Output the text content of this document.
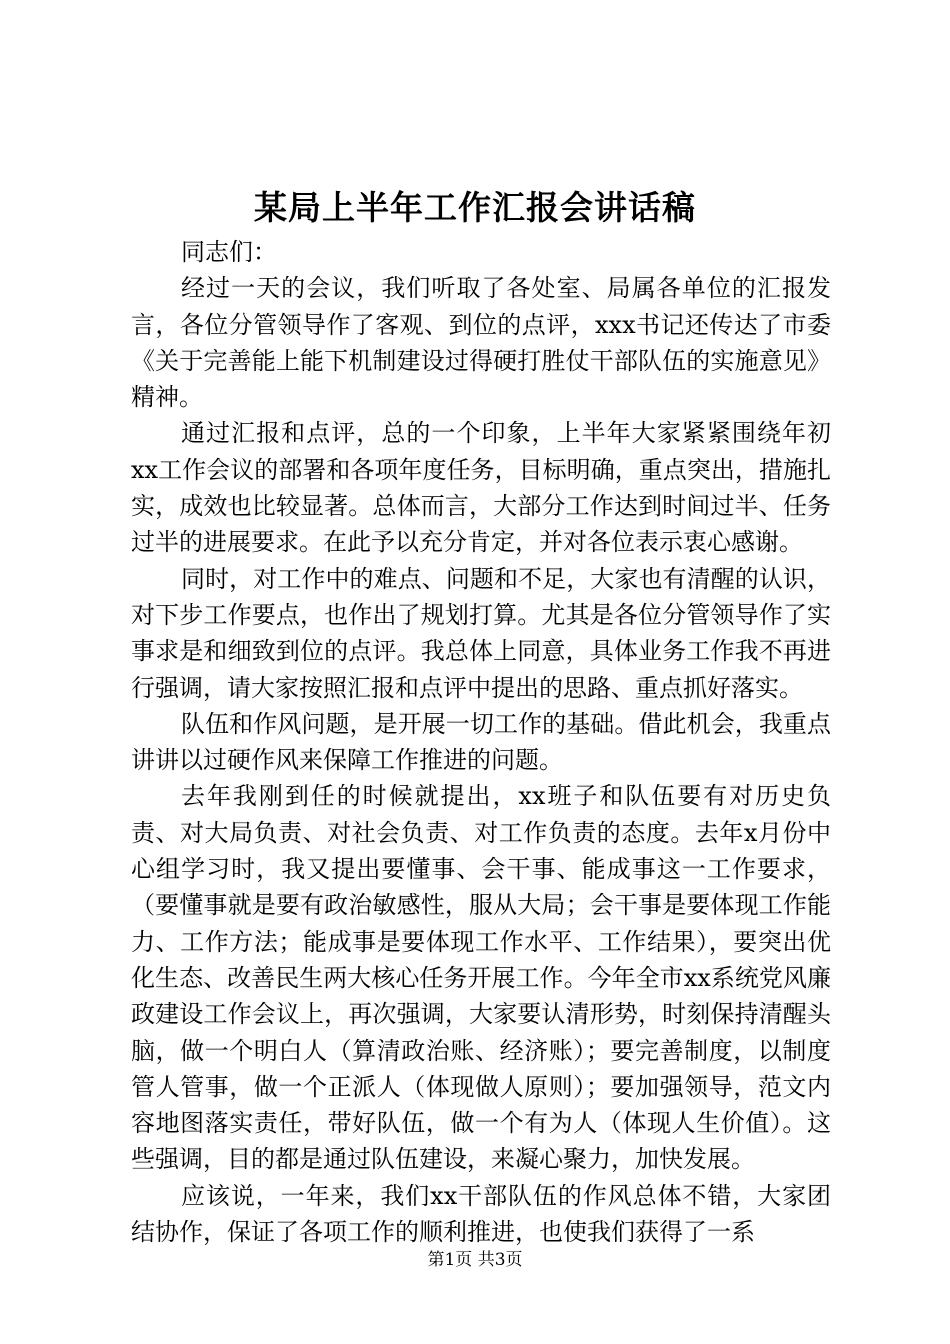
某局上半年工作汇报会讲话稿

同志们：

经过一天的会议，我们听取了各处室、局属各单位的汇报发言，各位分管领导作了客观、到位的点评，xxx书记还传达了市委《关于完善能上能下机制建设过得硬打胜仗干部队伍的实施意见》精神。

通过汇报和点评，总的一个印象，上半年大家紧紧围绕年初xx工作会议的部署和各项年度任务，目标明确，重点突出，措施扎实，成效也比较显著。总体而言，大部分工作达到时间过半、任务过半的进展要求。在此予以充分肯定，并对各位表示衷心感谢。

同时，对工作中的难点、问题和不足，大家也有清醒的认识，对下步工作要点，也作出了规划打算。尤其是各位分管领导作了实事求是和细致到位的点评。我总体上同意，具体业务工作我不再进行强调，请大家按照汇报和点评中提出的思路、重点抓好落实。

队伍和作风问题，是开展一切工作的基础。借此机会，我重点讲讲以过硬作风来保障工作推进的问题。

去年我刚到任的时候就提出，xx班子和队伍要有对历史负责、对大局负责、对社会负责、对工作负责的态度。去年x月份中心组学习时，我又提出要懂事、会干事、能成事这一工作要求，（要懂事就是要有政治敏感性，服从大局；会干事是要体现工作能力、工作方法；能成事是要体现工作水平、工作结果），要突出优化生态、改善民生两大核心任务开展工作。今年全市xx系统党风廉政建设工作会议上，再次强调，大家要认清形势，时刻保持清醒头脑，做一个明白人（算清政治账、经济账）；要完善制度，以制度管人管事，做一个正派人（体现做人原则）；要加强领导，范文内容地图落实责任，带好队伍，做一个有为人（体现人生价值）。这些强调，目的都是通过队伍建设，来凝心聚力，加快发展。

应该说，一年来，我们xx干部队伍的作风总体不错，大家团结协作，保证了各项工作的顺利推进，也使我们获得了一系

第1页 共3页
